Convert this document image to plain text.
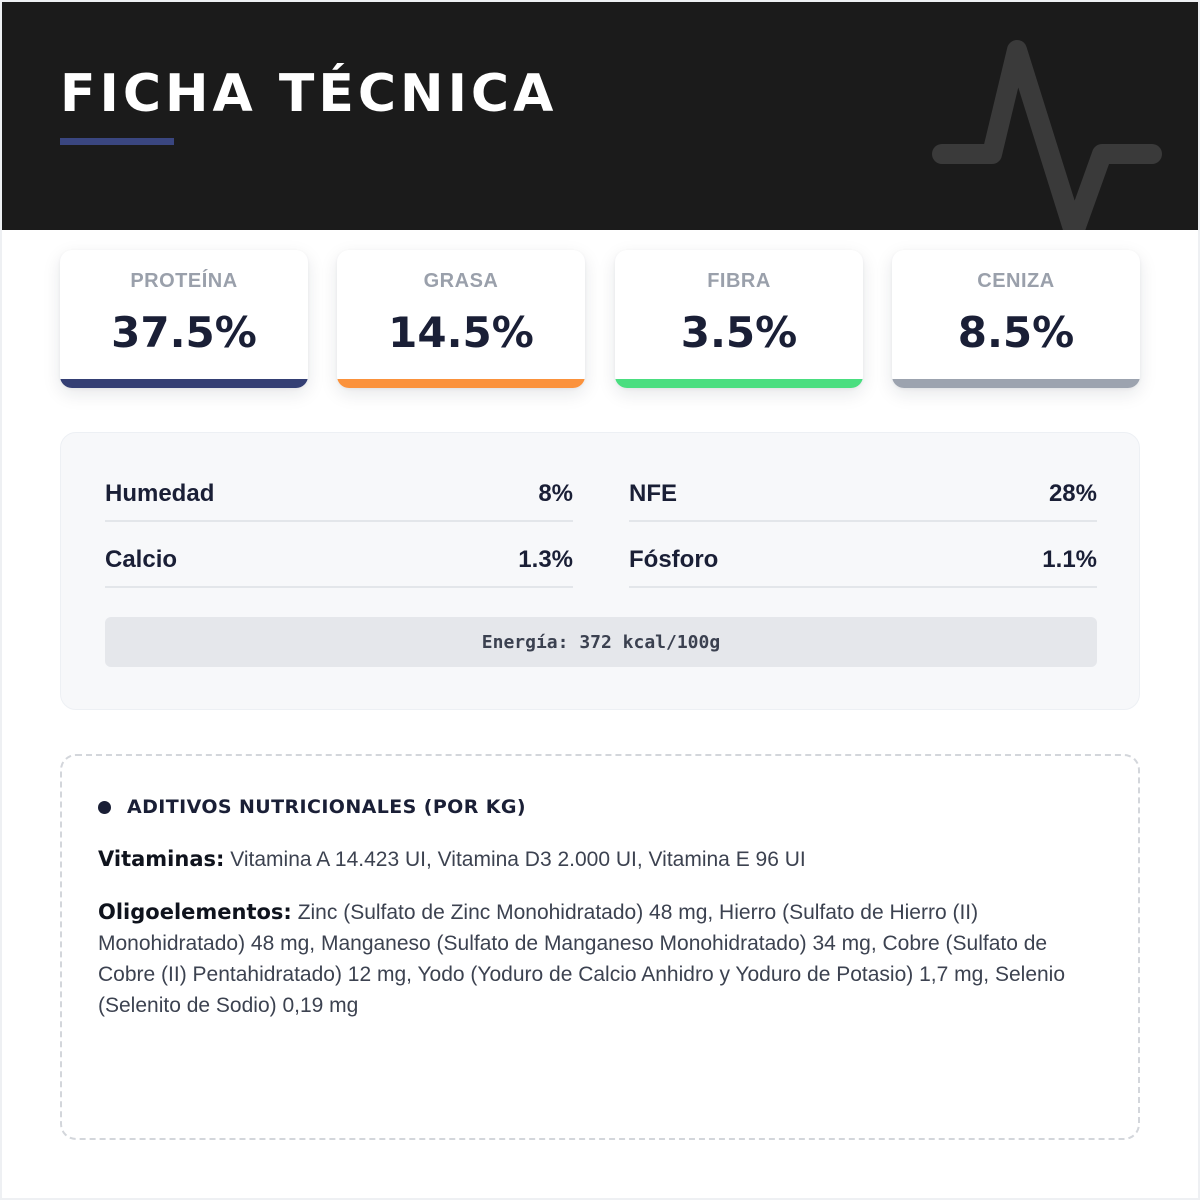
FICHA TÉCNICA
PROTEÍNA
37.5%
GRASA
14.5%
FIBRA
3.5%
CENIZA
8.5%
Humedad	8% NFE	28%
Calcio	1.3% Fósforo	1.1%
Energía: 372 kcal/100g
ADITIVOS NUTRICIONALES (POR KG)
Vitaminas: Vitamina A 14.423 UI, Vitamina D3 2.000 UI, Vitamina E 96 UI
Oligoelementos: Zinc (Sulfato de Zinc Monohidratado) 48 mg, Hierro (Sulfato de Hierro (II) Monohidratado) 48 mg, Manganeso (Sulfato de Manganeso Monohidratado) 34 mg, Cobre (Sulfato de Cobre (II) Pentahidratado) 12 mg, Yodo (Yoduro de Calcio Anhidro y Yoduro de Potasio) 1,7 mg, Selenio (Selenito de Sodio) 0,19 mg
